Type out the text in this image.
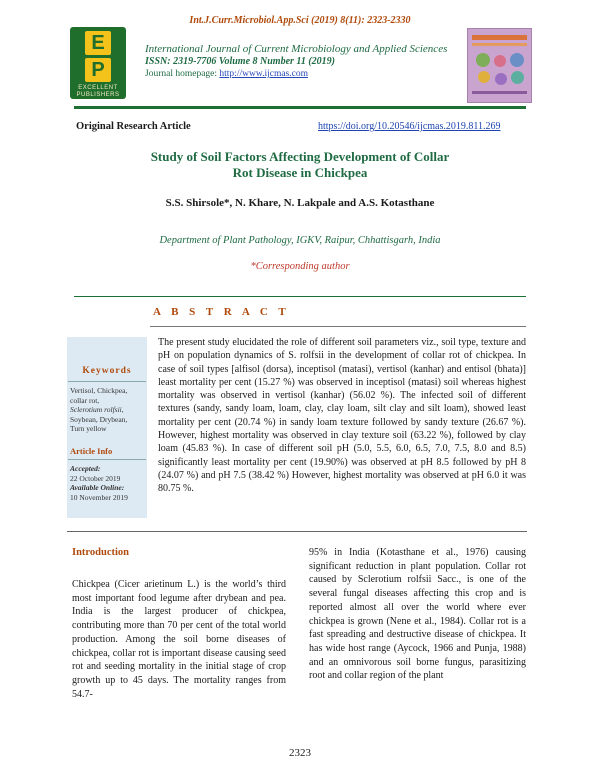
Int.J.Curr.Microbiol.App.Sci (2019) 8(11): 2323-2330
E
P
EXCELLENT
PUBLISHERS
International Journal of Current Microbiology and Applied Sciences
ISSN: 2319-7706 Volume 8 Number 11 (2019)
Journal homepage: http://www.ijcmas.com
Original Research Article	https://doi.org/10.20546/ijcmas.2019.811.269
Study of Soil Factors Affecting Development of Collar
Rot Disease in Chickpea
S.S. Shirsole*, N. Khare, N. Lakpale and A.S. Kotasthane
Department of Plant Pathology, IGKV, Raipur, Chhattisgarh, India
*Corresponding author
A B S T R A C T
Keywords
Vertisol, Chickpea,
collar rot,
Sclerotium rolfsii,
Soybean, Drybean,
Turn yellow
Article Info
Accepted:
22 October 2019
Available Online:
10 November 2019
The present study elucidated the role of different soil parameters viz., soil type, texture and pH on population dynamics of S. rolfsii in the development of collar rot of chickpea. In case of soil types [alfisol (dorsa), inceptisol (matasi), vertisol (kanhar) and entisol (bhata)] least mortality per cent (15.27 %) was observed in inceptisol (matasi) soil whereas highest mortality was observed in vertisol (kanhar) (56.02 %). The infected soil of different textures (sandy, sandy loam, loam, clay, clay loam, silt clay and silt loam), showed least mortality per cent (20.74 %) in sandy loam texture followed by sandy texture (26.67 %). However, highest mortality was observed in clay texture soil (63.22 %), followed by clay loam (45.83 %). In case of different soil pH (5.0, 5.5, 6.0, 6.5, 7.0, 7.5, 8.0 and 8.5) significantly least mortality per cent (19.90%) was observed at pH 8.5 followed by pH 8 (24.07 %) and pH 7.5 (38.42 %) However, highest mortality was observed at pH 6.0 it was 80.75 %.
Introduction
Chickpea (Cicer arietinum L.) is the world’s third most important food legume after drybean and pea. India is the largest producer of chickpea, contributing more than 70 per cent of the total world production. Among the soil borne diseases of chickpea, collar rot is important disease causing seed rot and seeding mortality in the initial stage of crop growth up to 45 days. The mortality ranges from 54.7-
95% in India (Kotasthane et al., 1976) causing significant reduction in plant population. Collar rot caused by Sclerotium rolfsii Sacc., is one of the several fungal diseases affecting this crop and is reported almost all over the world where ever chickpea is grown (Nene et al., 1984). Collar rot is a fast spreading and destructive disease of chickpea. It has wide host range (Aycock, 1966 and Punja, 1988) and an omnivorous soil borne fungus, parasitizing root and collar region of the plant
2323
